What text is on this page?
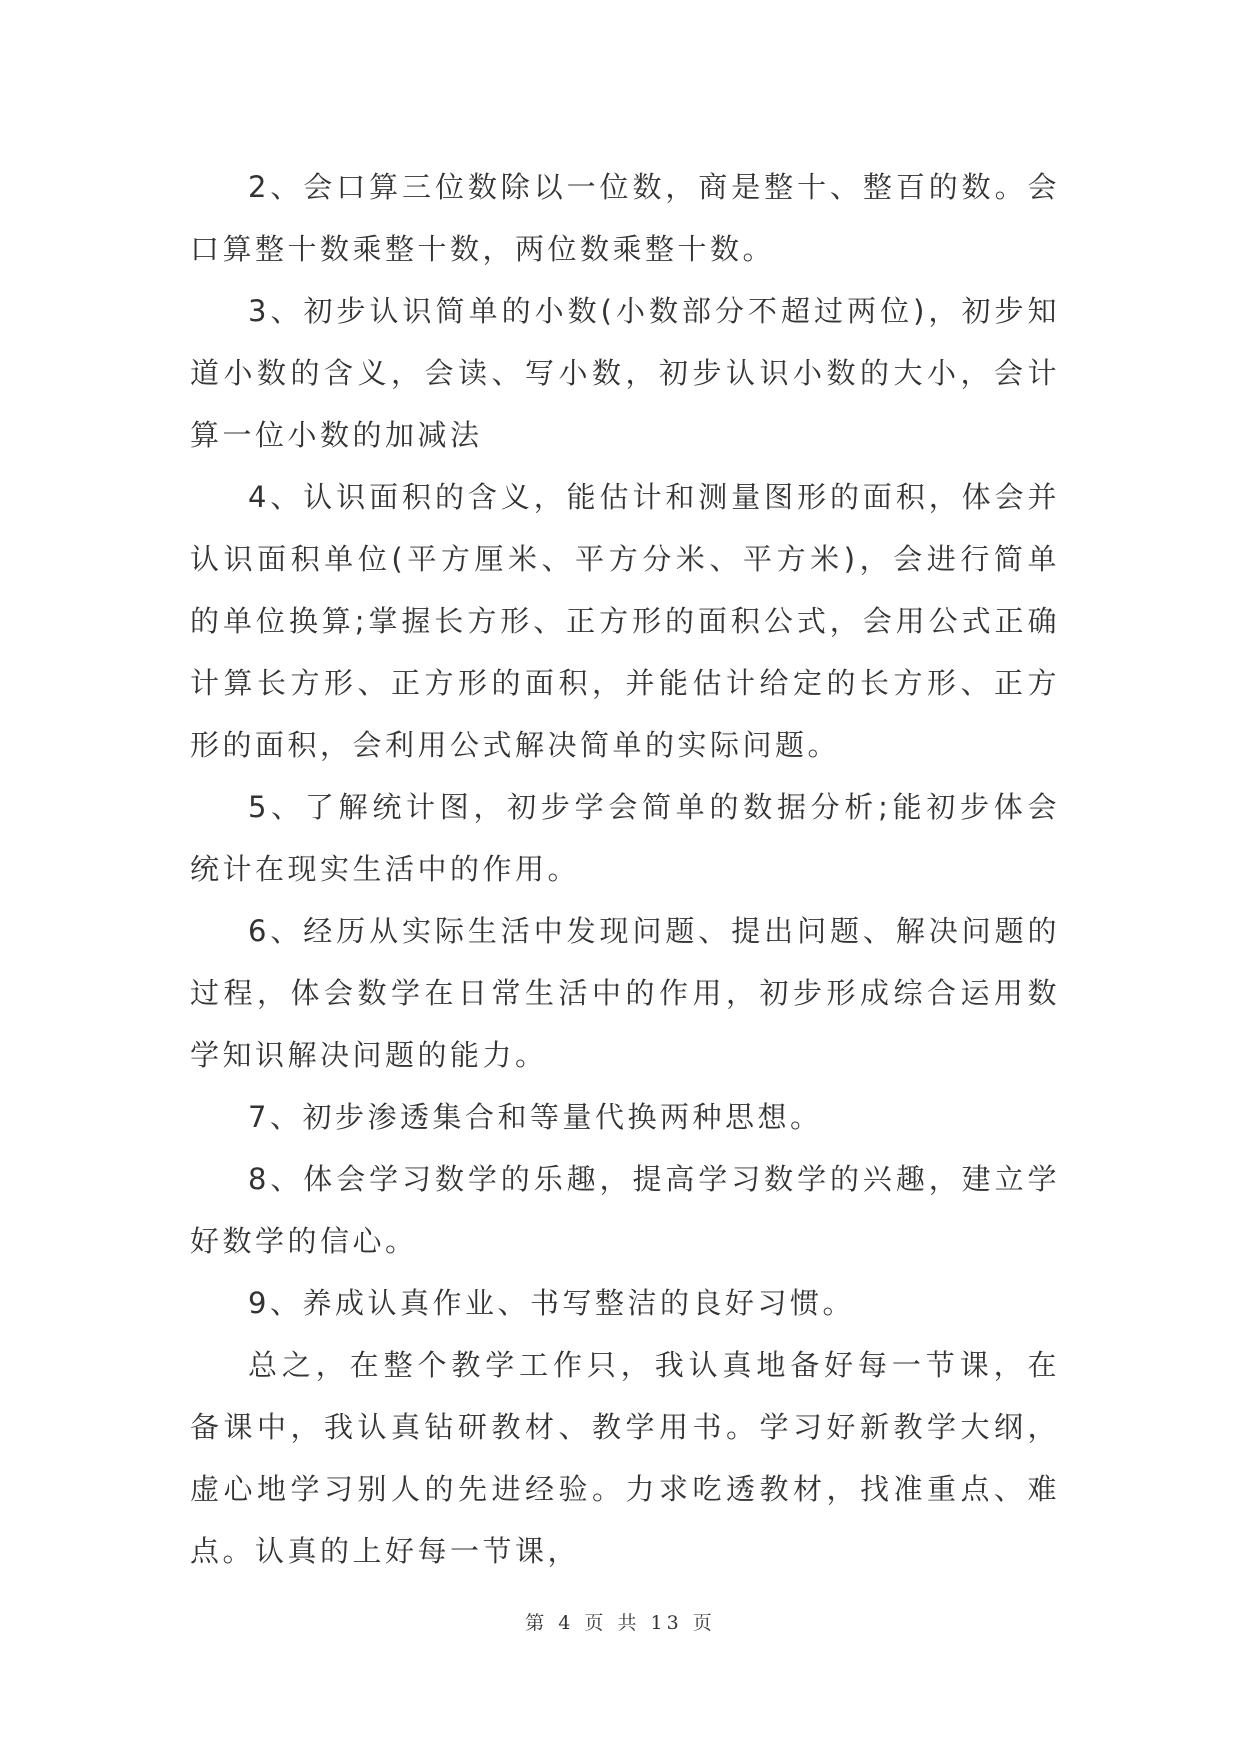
2、会口算三位数除以一位数，商是整十、整百的数。会口算整十数乘整十数，两位数乘整十数。

3、初步认识简单的小数(小数部分不超过两位)，初步知道小数的含义，会读、写小数，初步认识小数的大小，会计算一位小数的加减法

4、认识面积的含义，能估计和测量图形的面积，体会并认识面积单位(平方厘米、平方分米、平方米)，会进行简单的单位换算;掌握长方形、正方形的面积公式，会用公式正确计算长方形、正方形的面积，并能估计给定的长方形、正方形的面积，会利用公式解决简单的实际问题。

5、了解统计图，初步学会简单的数据分析;能初步体会统计在现实生活中的作用。

6、经历从实际生活中发现问题、提出问题、解决问题的过程，体会数学在日常生活中的作用，初步形成综合运用数学知识解决问题的能力。

7、初步渗透集合和等量代换两种思想。

8、体会学习数学的乐趣，提高学习数学的兴趣，建立学好数学的信心。

9、养成认真作业、书写整洁的良好习惯。

总之，在整个教学工作只，我认真地备好每一节课，在备课中，我认真钻研教材、教学用书。学习好新教学大纲，虚心地学习别人的先进经验。力求吃透教材，找准重点、难点。认真的上好每一节课，

第 4 页 共 13 页
